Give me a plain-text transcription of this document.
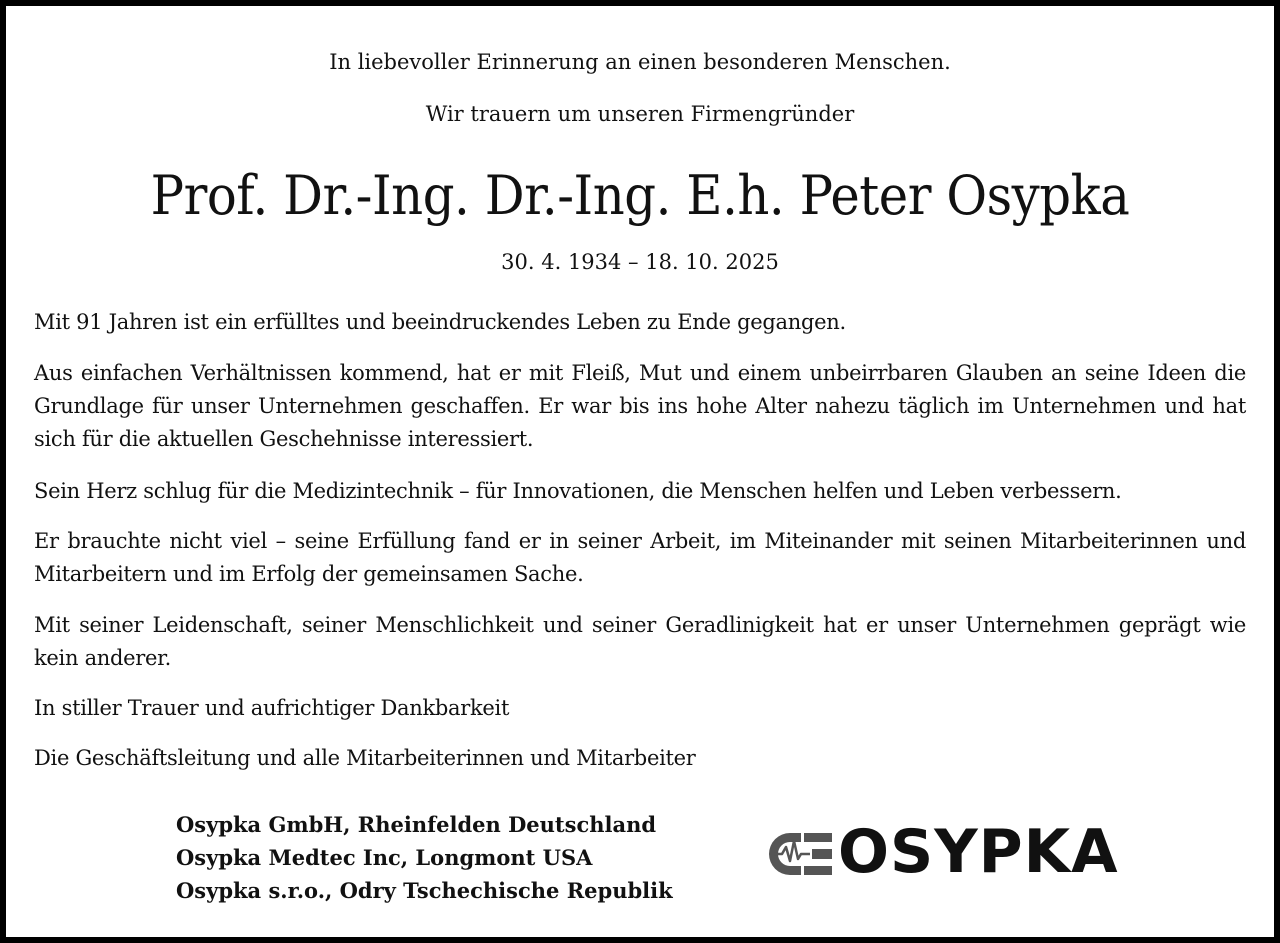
In liebevoller Erinnerung an einen besonderen Menschen.

Wir trauern um unseren Firmengründer

Prof. Dr.-Ing. Dr.-Ing. E.h. Peter Osypka

30. 4. 1934 – 18. 10. 2025

Mit 91 Jahren ist ein erfülltes und beeindruckendes Leben zu Ende gegangen.

Aus einfachen Verhältnissen kommend, hat er mit Fleiß, Mut und einem unbeirrbaren Glauben an seine Ideen die Grundlage für unser Unternehmen geschaffen. Er war bis ins hohe Alter nahezu täglich im Unternehmen und hat sich für die aktuellen Geschehnisse interessiert.

Sein Herz schlug für die Medizintechnik – für Innovationen, die Menschen helfen und Leben verbessern.

Er brauchte nicht viel – seine Erfüllung fand er in seiner Arbeit, im Miteinander mit seinen Mitarbeiterinnen und Mitarbeitern und im Erfolg der gemeinsamen Sache.

Mit seiner Leidenschaft, seiner Menschlichkeit und seiner Geradlinigkeit hat er unser Unternehmen geprägt wie kein anderer.

In stiller Trauer und aufrichtiger Dankbarkeit

Die Geschäftsleitung und alle Mitarbeiterinnen und Mitarbeiter

Osypka GmbH, Rheinfelden Deutschland
Osypka Medtec Inc, Longmont USA
Osypka s.r.o., Odry Tschechische Republik
OSYPKA
